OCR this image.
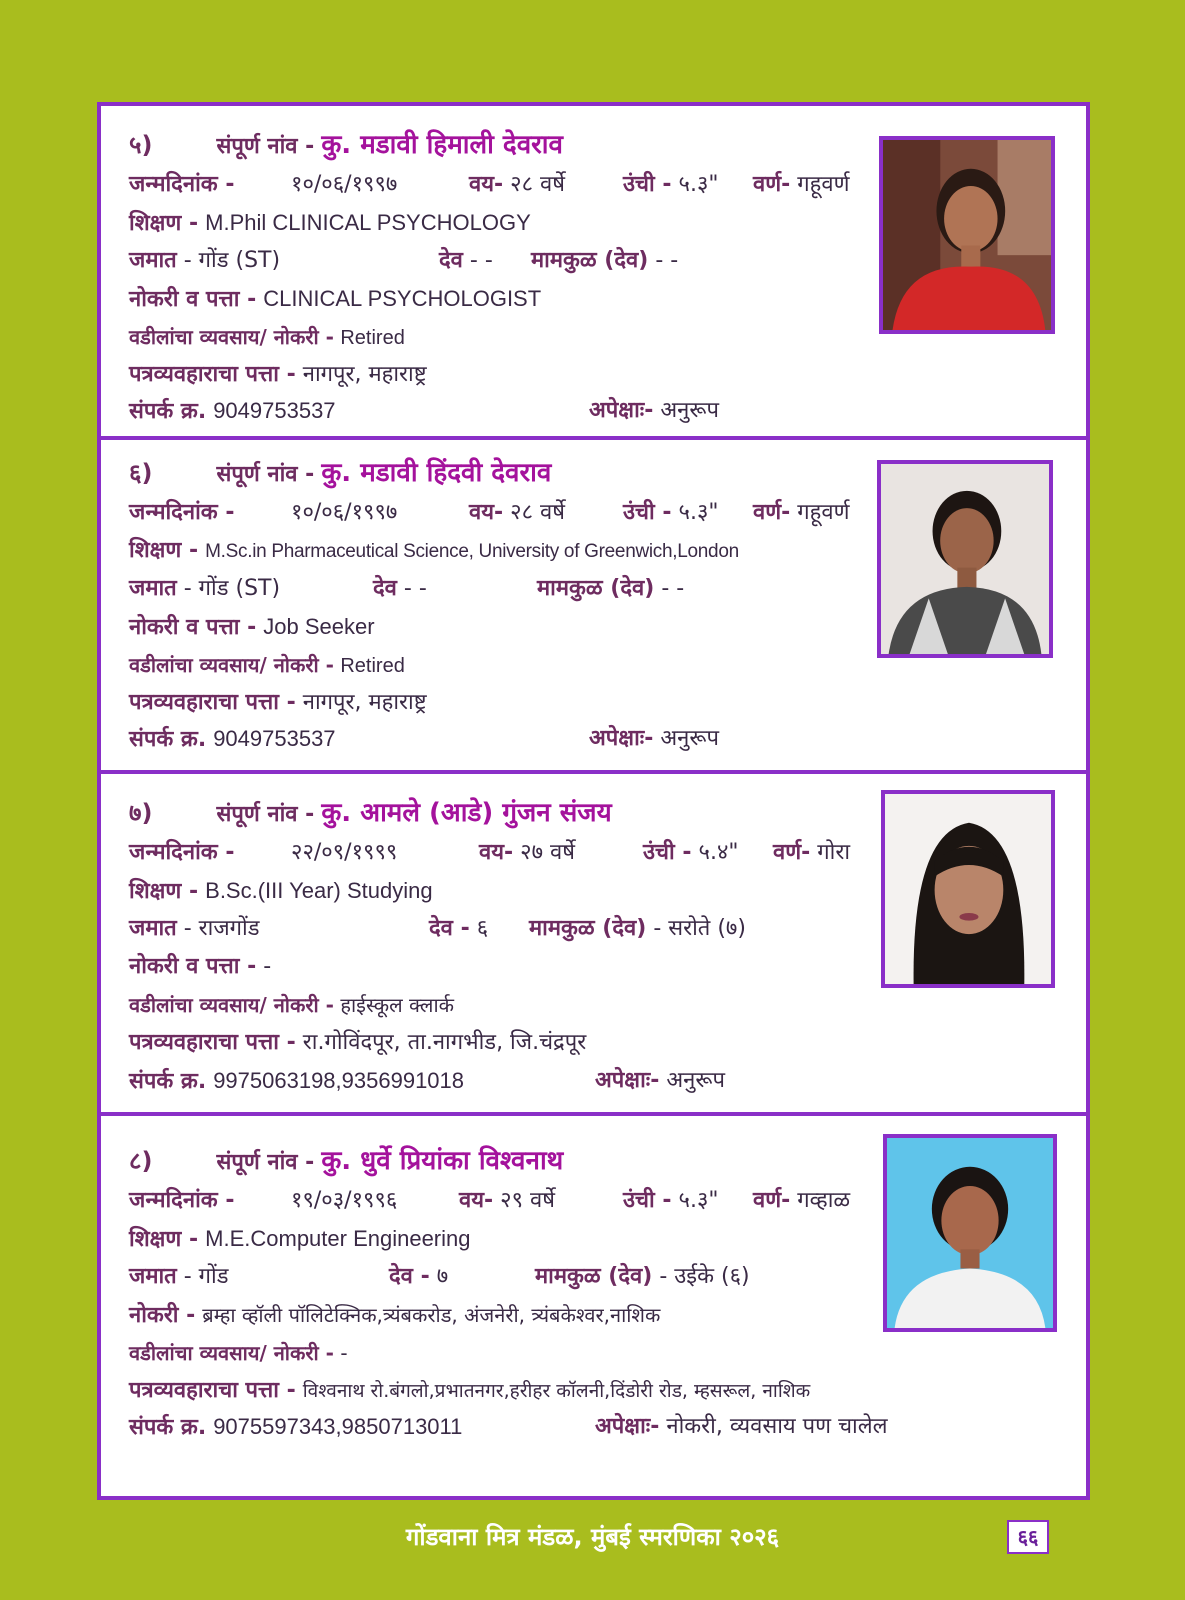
५)	संपूर्ण नांव - कु. मडावी हिमाली देवराव
जन्मदिनांक -	१०/०६/१९९७	वय- २८ वर्षे	उंची - ५.३" वर्ण- गहूवर्ण
शिक्षण - M.Phil CLINICAL PSYCHOLOGY
जमात - गोंड (ST)	देव - - मामकुळ (देव) - -
नोकरी व पत्ता - CLINICAL PSYCHOLOGIST
वडीलांचा व्यवसाय/ नोकरी - Retired
पत्रव्यवहाराचा पत्ता - नागपूर, महाराष्ट्र
संपर्क क्र. 9049753537	अपेक्षाः- अनुरूप
६)	संपूर्ण नांव - कु. मडावी हिंदवी देवराव
जन्मदिनांक -	१०/०६/१९९७	वय- २८ वर्षे	उंची - ५.३" वर्ण- गहूवर्ण
शिक्षण - M.Sc.in Pharmaceutical Science, University of Greenwich,London
जमात - गोंड (ST)	देव - -	मामकुळ (देव) - -
नोकरी व पत्ता - Job Seeker
वडीलांचा व्यवसाय/ नोकरी - Retired
पत्रव्यवहाराचा पत्ता - नागपूर, महाराष्ट्र
संपर्क क्र. 9049753537	अपेक्षाः- अनुरूप
७)	संपूर्ण नांव - कु. आमले (आडे) गुंजन संजय
जन्मदिनांक -	२२/०९/१९९९	वय- २७ वर्षे	उंची - ५.४" वर्ण- गोरा
शिक्षण - B.Sc.(III Year) Studying
जमात - राजगोंड	देव - ६ मामकुळ (देव) - सरोते (७)
नोकरी व पत्ता - -
वडीलांचा व्यवसाय/ नोकरी - हाईस्कूल क्लार्क
पत्रव्यवहाराचा पत्ता - रा.गोविंदपूर, ता.नागभीड, जि.चंद्रपूर
संपर्क क्र. 9975063198,9356991018	अपेक्षाः- अनुरूप
८)	संपूर्ण नांव - कु. धुर्वे प्रियांका विश्वनाथ
जन्मदिनांक -	१९/०३/१९९६	वय- २९ वर्षे	उंची - ५.३" वर्ण- गव्हाळ
शिक्षण - M.E.Computer Engineering
जमात - गोंड	देव - ७	मामकुळ (देव) - उईके (६)
नोकरी - ब्रम्हा व्हॉली पॉलिटेक्निक,त्र्यंबकरोड, अंजनेरी, त्र्यंबकेश्वर,नाशिक
वडीलांचा व्यवसाय/ नोकरी - -
पत्रव्यवहाराचा पत्ता - विश्वनाथ रो.बंगलो,प्रभातनगर,हरीहर कॉलनी,दिंडोरी रोड, म्हसरूल, नाशिक
संपर्क क्र. 9075597343,9850713011	अपेक्षाः- नोकरी, व्यवसाय पण चालेल
गोंडवाना मित्र मंडळ, मुंबई स्मरणिका २०२६	६६
